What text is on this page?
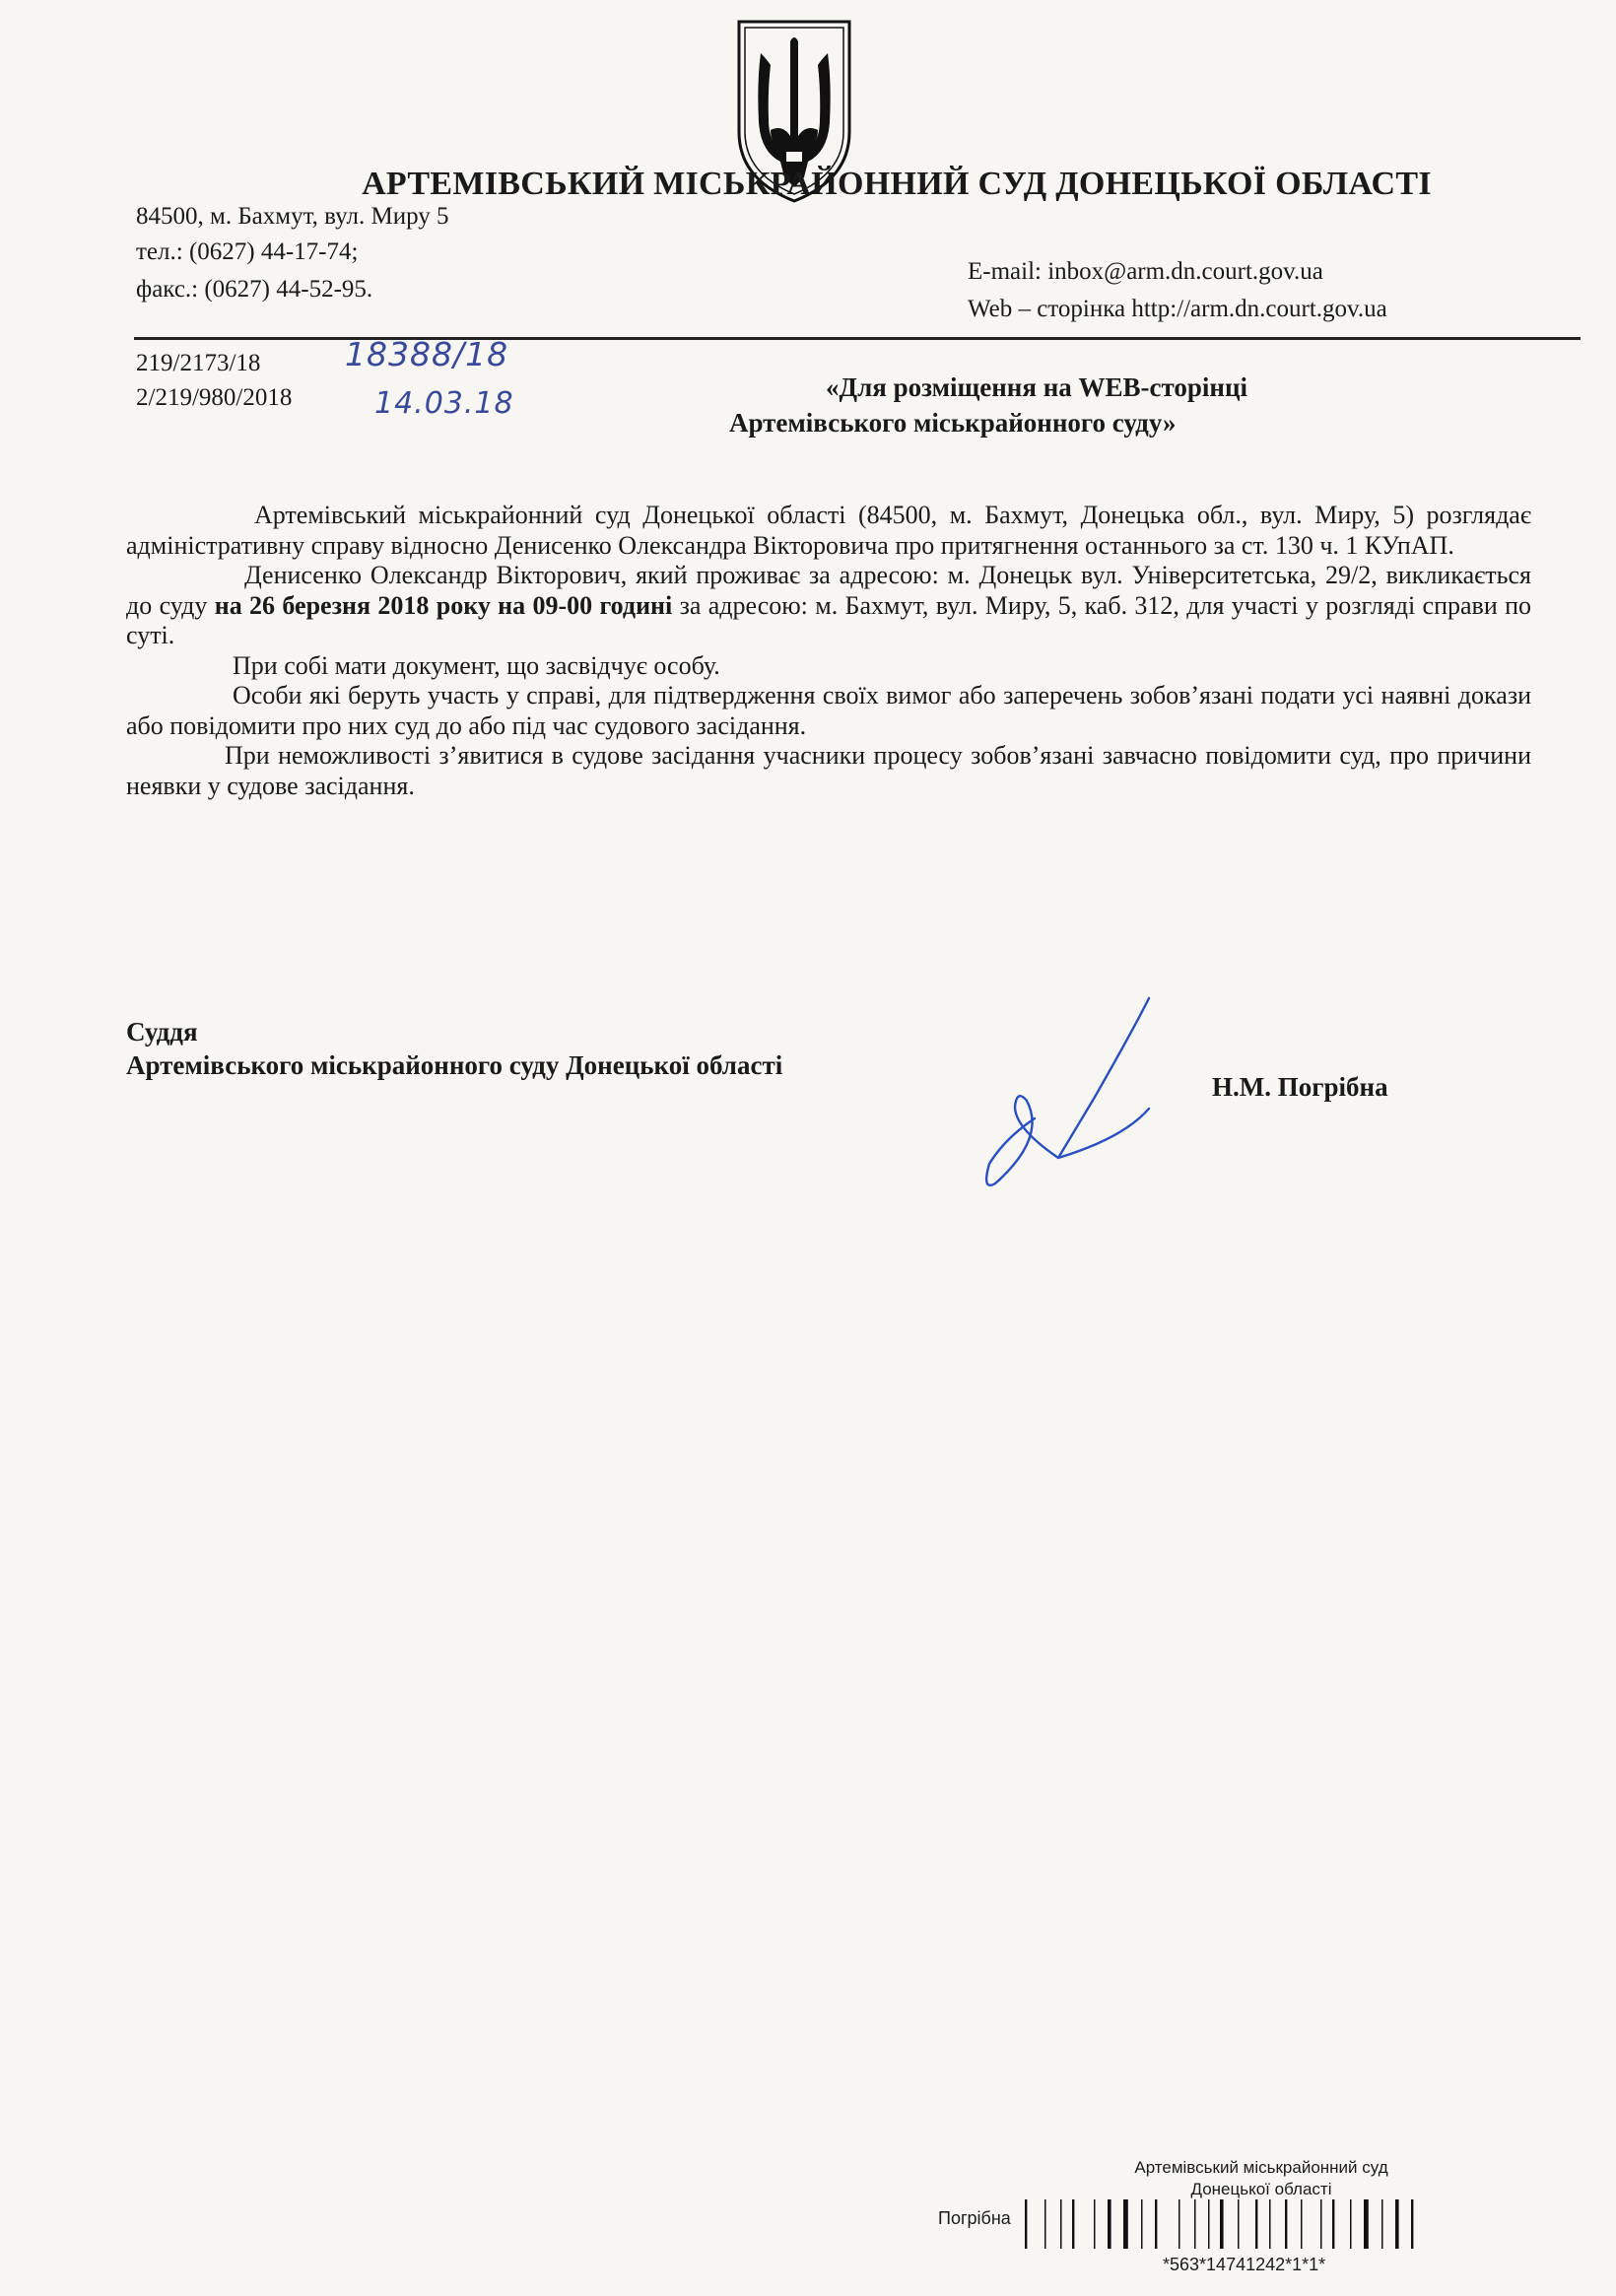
АРТЕМІВСЬКИЙ МІСЬКРАЙОННИЙ СУД ДОНЕЦЬКОЇ ОБЛАСТІ
84500, м. Бахмут, вул. Миру 5
тел.: (0627) 44-17-74;
факс.: (0627) 44-52-95.
E-mail: inbox@arm.dn.court.gov.ua
Web – сторінка http://arm.dn.court.gov.ua
219/2173/18
2/219/980/2018
18388/18
14.03.18	«Для розміщення на WEB-сторінці
Артемівського міськрайонного суду»

Артемівський міськрайонний суд Донецької області (84500, м. Бахмут, Донецька обл., вул. Миру, 5) розглядає адміністративну справу відносно Денисенко Олександра Вікторовича про притягнення останнього за ст. 130 ч. 1 КУпАП.

Денисенко Олександр Вікторович, який проживає за адресою: м. Донецьк вул. Університетська, 29/2, викликається до суду на 26 березня 2018 року на 09-00 годині за адресою: м. Бахмут, вул. Миру, 5, каб. 312, для участі у розгляді справи по суті.

При собі мати документ, що засвідчує особу.

Особи які беруть участь у справі, для підтвердження своїх вимог або заперечень зобов’язані подати усі наявні докази або повідомити про них суд до або під час судового засідання.

При неможливості з’явитися в судове засідання учасники процесу зобов’язані завчасно повідомити суд, про причини неявки у судове засідання.

Суддя
Артемівського міськрайонного суду Донецької області
Н.М. Погрібна
Артемівський міськрайонний суд
Донецької області
Погрібна
*563*14741242*1*1*
